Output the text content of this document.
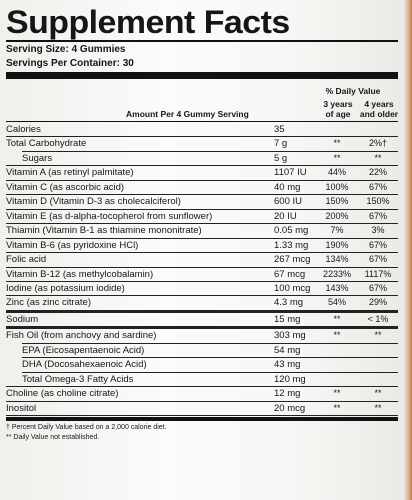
Supplement Facts
Serving Size: 4 Gummies
Servings Per Container: 30
% Daily Value
3 years
of age
4 years
and older
Amount Per 4 Gummy Serving
Calories	35
Total Carbohydrate	7 g	**	2%†
Sugars	5 g	**	**
Vitamin A (as retinyl palmitate)	1107 IU	44%	22%
Vitamin C (as ascorbic acid)	40 mg	100%	67%
Vitamin D (Vitamin D-3 as cholecalciferol)	600 IU	150%	150%
Vitamin E (as d-alpha-tocopherol from sunflower)	20 IU	200%	67%
Thiamin (Vitamin B-1 as thiamine mononitrate)	0.05 mg	7%	3%
Vitamin B-6 (as pyridoxine HCl)	1.33 mg	190%	67%
Folic acid	267 mcg	134%	67%
Vitamin B-12 (as methylcobalamin)	67 mcg	2233%	1117%
Iodine (as potassium iodide)	100 mcg	143%	67%
Zinc (as zinc citrate)	4.3 mg	54%	29%
Sodium	15 mg	**	< 1%
Fish Oil (from anchovy and sardine)	303 mg	**	**
EPA (Eicosapentaenoic Acid)	54 mg
DHA (Docosahexaenoic Acid)	43 mg
Total Omega-3 Fatty Acids	120 mg
Choline (as choline citrate)	12 mg	**	**
Inositol	20 mcg	**	**
† Percent Daily Value based on a 2,000 calorie diet.
** Daily Value not established.
